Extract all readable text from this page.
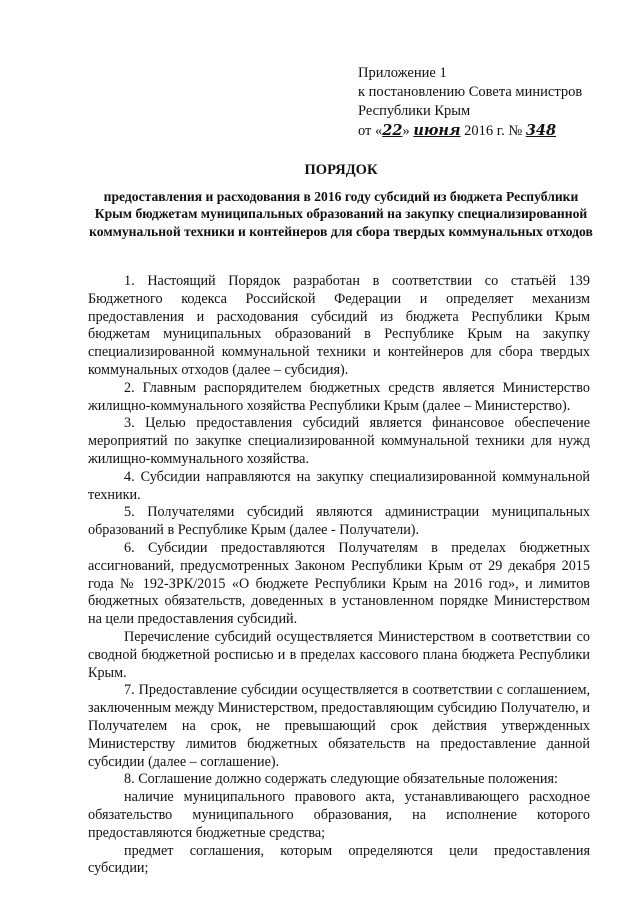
Приложение 1
к постановлению Совета министров
Республики Крым
от «22» июня 2016 г. № 348
ПОРЯДОК
предоставления и расходования в 2016 году субсидий из бюджета Республики Крым бюджетам муниципальных образований на закупку специализированной коммунальной техники и контейнеров для сбора твердых коммунальных отходов

1. Настоящий Порядок разработан в соответствии со статьёй 139 Бюджетного кодекса Российской Федерации и определяет механизм предоставления и расходования субсидий из бюджета Республики Крым бюджетам муниципальных образований в Республике Крым на закупку специализированной коммунальной техники и контейнеров для сбора твердых коммунальных отходов (далее – субсидия).

2. Главным распорядителем бюджетных средств является Министерство жилищно-коммунального хозяйства Республики Крым (далее – Министерство).

3. Целью предоставления субсидий является финансовое обеспечение мероприятий по закупке специализированной коммунальной техники для нужд жилищно-коммунального хозяйства.

4. Субсидии направляются на закупку специализированной коммунальной техники.

5. Получателями субсидий являются администрации муниципальных образований в Республике Крым (далее - Получатели).

6. Субсидии предоставляются Получателям в пределах бюджетных ассигнований, предусмотренных Законом Республики Крым от 29 декабря 2015 года № 192-ЗРК/2015 «О бюджете Республики Крым на 2016 год», и лимитов бюджетных обязательств, доведенных в установленном порядке Министерством на цели предоставления субсидий.

Перечисление субсидий осуществляется Министерством в соответствии со сводной бюджетной росписью и в пределах кассового плана бюджета Республики Крым.

7. Предоставление субсидии осуществляется в соответствии с соглашением, заключенным между Министерством, предоставляющим субсидию Получателю, и Получателем на срок, не превышающий срок действия утвержденных Министерству лимитов бюджетных обязательств на предоставление данной субсидии (далее – соглашение).

8. Соглашение должно содержать следующие обязательные положения:

наличие муниципального правового акта, устанавливающего расходное обязательство муниципального образования, на исполнение которого предоставляются бюджетные средства;

предмет соглашения, которым определяются цели предоставления субсидии;
